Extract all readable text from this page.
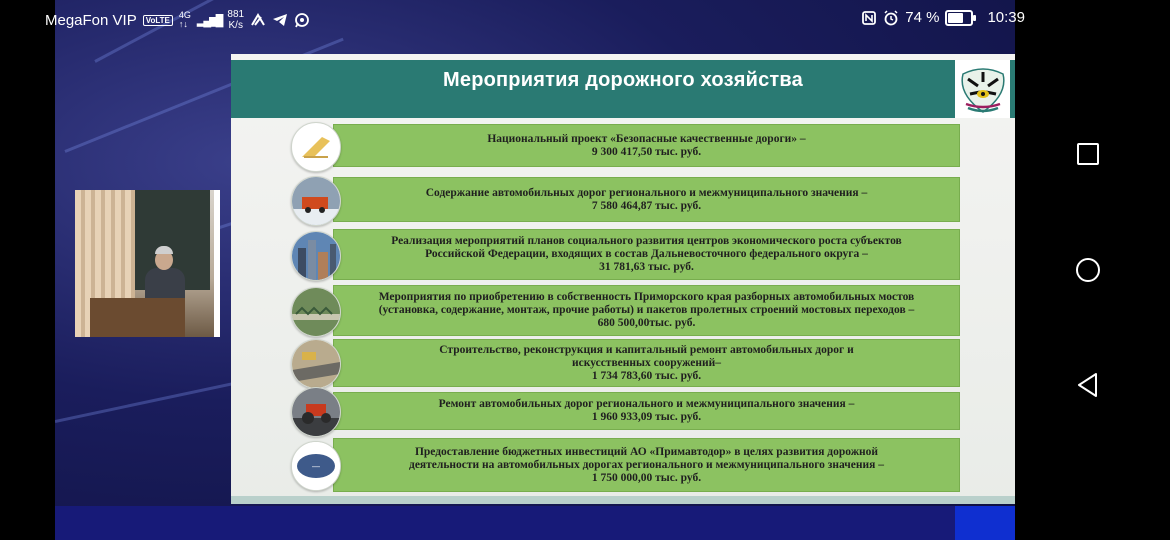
MegaFon VIP	VoLTE	4G
↑↓ ▂▄▆█ 881
K/s	74 %	10:39
Мероприятия дорожного хозяйства
Национальный проект «Безопасные качественные дороги» –
9 300 417,50 тыс. руб.
Содержание автомобильных дорог регионального и межмуниципального значения –
7 580 464,87 тыс. руб.
Реализация мероприятий планов социального развития центров экономического роста субъектов
Российской Федерации, входящих в состав Дальневосточного федерального округа –
31 781,63 тыс. руб.
Мероприятия по приобретению в собственность Приморского края разборных автомобильных мостов
(установка, содержание, монтаж, прочие работы) и пакетов пролетных строений мостовых переходов –
680 500,00тыс. руб.
Строительство, реконструкция и капитальный ремонт автомобильных дорог и
искусственных сооружений–
1 734 783,60 тыс. руб.
Ремонт автомобильных дорог регионального и межмуниципального значения –
1 960 933,09 тыс. руб.
Предоставление бюджетных инвестиций АО «Примавтодор» в целях развития дорожной
деятельности на автомобильных дорогах регионального и межмуниципального значения –
1 750 000,00 тыс. руб.
—
